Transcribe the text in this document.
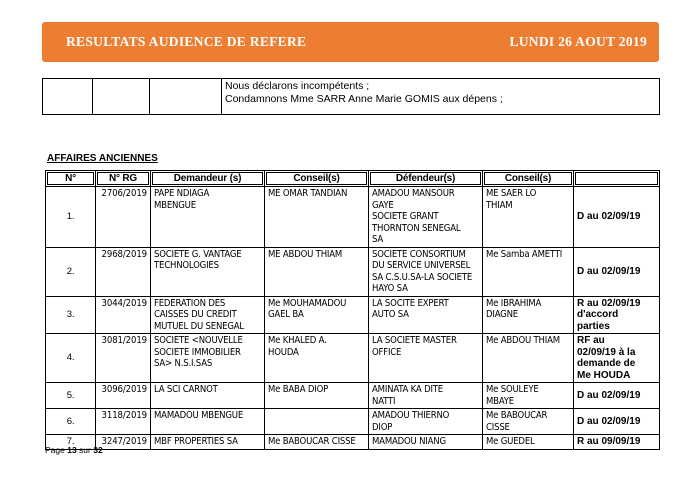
RESULTATS AUDIENCE DE REFERE	LUNDI 26 AOUT 2019

Nous déclarons incompétents ;
Condamnons Mme SARR Anne Marie GOMIS aux dépens ;
AFFAIRES ANCIENNES
N°	N° RG	Demandeur (s)	Conseil(s)	Défendeur(s)	Conseil(s)	

1.	2706/2019	PAPE NDIAGA
MBENGUE	ME OMAR TANDIAN	AMADOU MANSOUR
GAYE
SOCIETE GRANT
THORNTON SENEGAL
SA	ME SAER LO
THIAM	D au 02/09/19
2.	2968/2019	SOCIETE G. VANTAGE
TECHNOLOGIES	ME ABDOU THIAM	SOCIETE CONSORTIUM
DU SERVICE UNIVERSEL
SA C.S.U.SA-LA SOCIETE
HAYO SA	Me Samba AMETTI	D au 02/09/19
3.	3044/2019	FEDERATION DES
CAISSES DU CREDIT
MUTUEL DU SENEGAL	Me MOUHAMADOU
GAEL BA	LA SOCITE EXPERT
AUTO SA	Me IBRAHIMA
DIAGNE	R au 02/09/19
d'accord
parties
4.	3081/2019	SOCIETE <NOUVELLE
SOCIETE IMMOBILIER
SA> N.S.I.SAS	Me KHALED A.
HOUDA	LA SOCIETE MASTER
OFFICE	Me ABDOU THIAM	RF au
02/09/19 à la
demande de
Me HOUDA
5.	3096/2019	LA SCI CARNOT	Me BABA DIOP	AMINATA KA DITE
NATTI	Me SOULEYE
MBAYE	D au 02/09/19
6.	3118/2019	MAMADOU MBENGUE		AMADOU THIERNO
DIOP	Me BABOUCAR
CISSE	D au 02/09/19
7.	3247/2019	MBF PROPERTIES SA	Me BABOUCAR CISSE	MAMADOU NIANG	Me GUEDEL	R au 09/09/19
Page 13 sur 32
